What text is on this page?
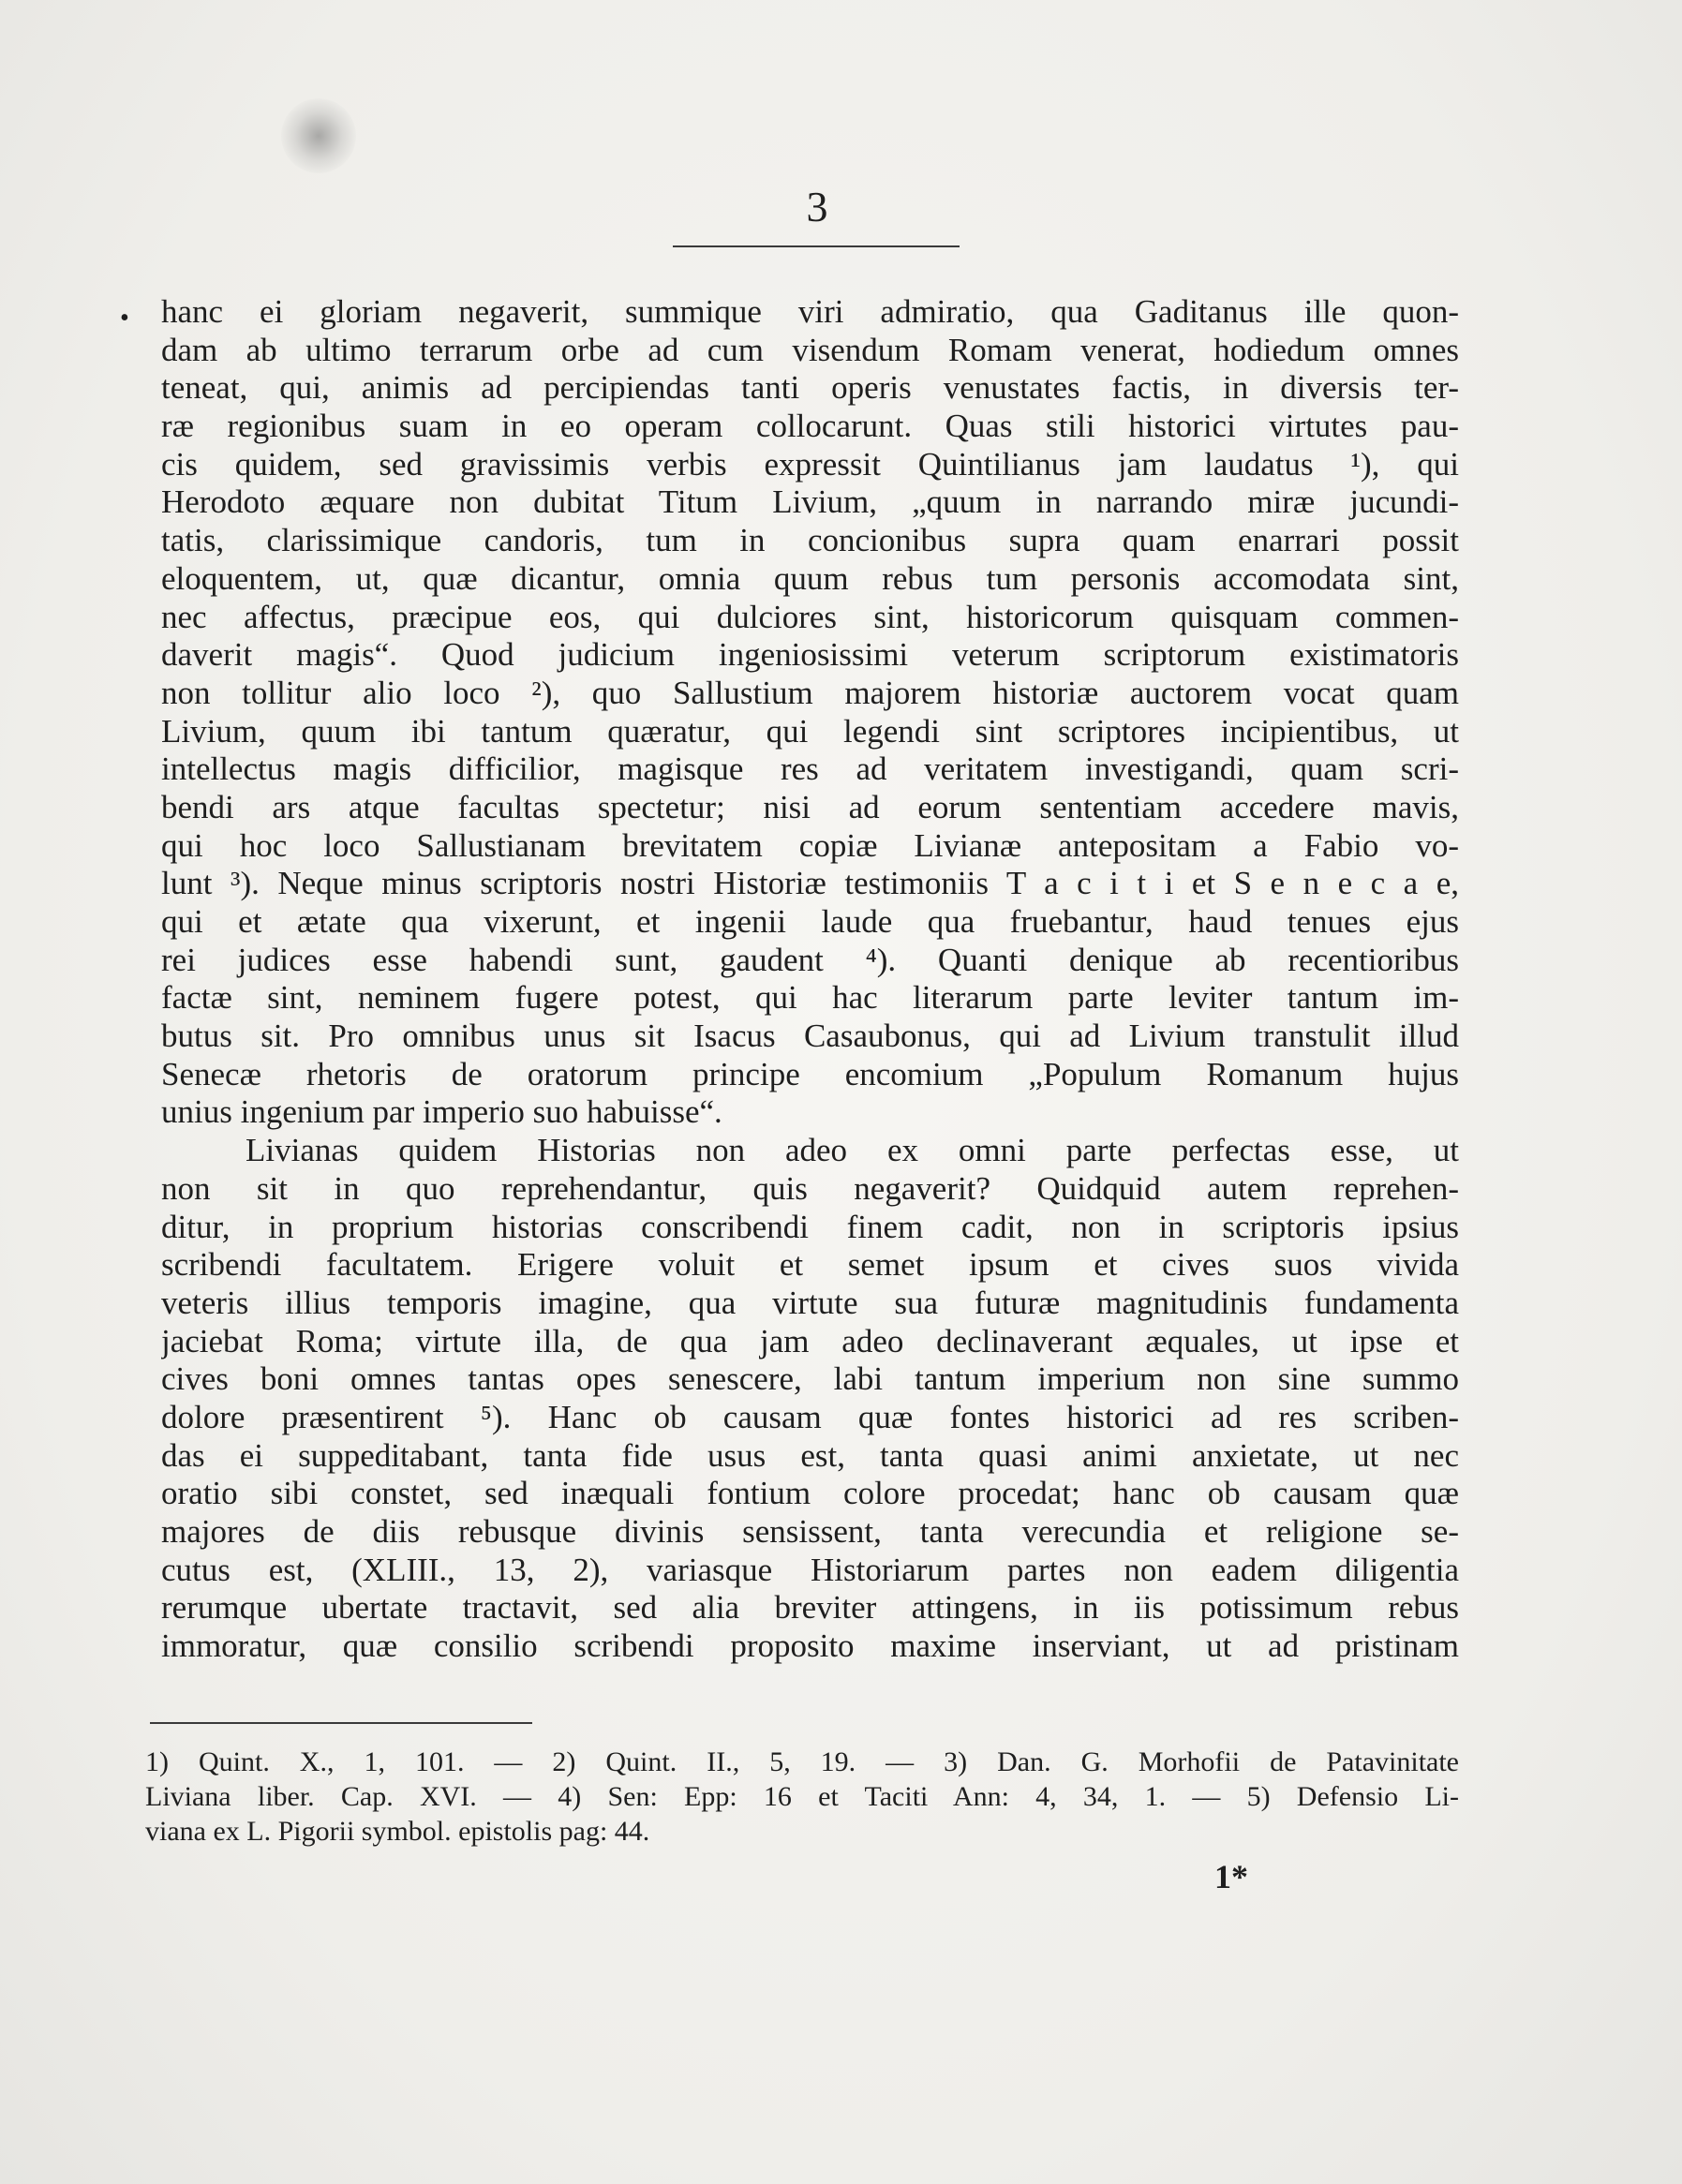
3
• hanc ei gloriam negaverit, summique viri admiratio, qua Gaditanus ille quon-
dam ab ultimo terrarum orbe ad cum visendum Romam venerat, hodiedum omnes
teneat, qui, animis ad percipiendas tanti operis venustates factis, in diversis ter-
ræ regionibus suam in eo operam collocarunt. Quas stili historici virtutes pau-
cis quidem, sed gravissimis verbis expressit Quintilianus jam laudatus ¹), qui
Herodoto æquare non dubitat Titum Livium, „quum in narrando miræ jucundi-
tatis, clarissimique candoris, tum in concionibus supra quam enarrari possit
eloquentem, ut, quæ dicantur, omnia quum rebus tum personis accomodata sint,
nec affectus, præcipue eos, qui dulciores sint, historicorum quisquam commen-
daverit magis“. Quod judicium ingeniosissimi veterum scriptorum existimatoris
non tollitur alio loco ²), quo Sallustium majorem historiæ auctorem vocat quam
Livium, quum ibi tantum quæratur, qui legendi sint scriptores incipientibus, ut
intellectus magis difficilior, magisque res ad veritatem investigandi, quam scri-
bendi ars atque facultas spectetur; nisi ad eorum sententiam accedere mavis,
qui hoc loco Sallustianam brevitatem copiæ Livianæ antepositam a Fabio vo-
lunt ³). Neque minus scriptoris nostri Historiæ testimoniis T a c i t i et S e n e c a e,
qui et ætate qua vixerunt, et ingenii laude qua fruebantur, haud tenues ejus
rei judices esse habendi sunt, gaudent ⁴). Quanti denique ab recentioribus
factæ sint, neminem fugere potest, qui hac literarum parte leviter tantum im-
butus sit. Pro omnibus unus sit Isacus Casaubonus, qui ad Livium transtulit illud
Senecæ rhetoris de oratorum principe encomium „Populum Romanum hujus
unius ingenium par imperio suo habuisse“.
Livianas quidem Historias non adeo ex omni parte perfectas esse, ut
non sit in quo reprehendantur, quis negaverit? Quidquid autem reprehen-
ditur, in proprium historias conscribendi finem cadit, non in scriptoris ipsius
scribendi facultatem. Erigere voluit et semet ipsum et cives suos vivida
veteris illius temporis imagine, qua virtute sua futuræ magnitudinis fundamenta
jaciebat Roma; virtute illa, de qua jam adeo declinaverant æquales, ut ipse et
cives boni omnes tantas opes senescere, labi tantum imperium non sine summo
dolore præsentirent ⁵). Hanc ob causam quæ fontes historici ad res scriben-
das ei suppeditabant, tanta fide usus est, tanta quasi animi anxietate, ut nec
oratio sibi constet, sed inæquali fontium colore procedat; hanc ob causam quæ
majores de diis rebusque divinis sensissent, tanta verecundia et religione se-
cutus est, (XLIII., 13, 2), variasque Historiarum partes non eadem diligentia
rerumque ubertate tractavit, sed alia breviter attingens, in iis potissimum rebus
immoratur, quæ consilio scribendi proposito maxime inserviant, ut ad pristinam
1) Quint. X., 1, 101. — 2) Quint. II., 5, 19. — 3) Dan. G. Morhofii de Patavinitate
Liviana liber. Cap. XVI. — 4) Sen: Epp: 16 et Taciti Ann: 4, 34, 1. — 5) Defensio Li-
viana ex L. Pigorii symbol. epistolis pag: 44.
1*
